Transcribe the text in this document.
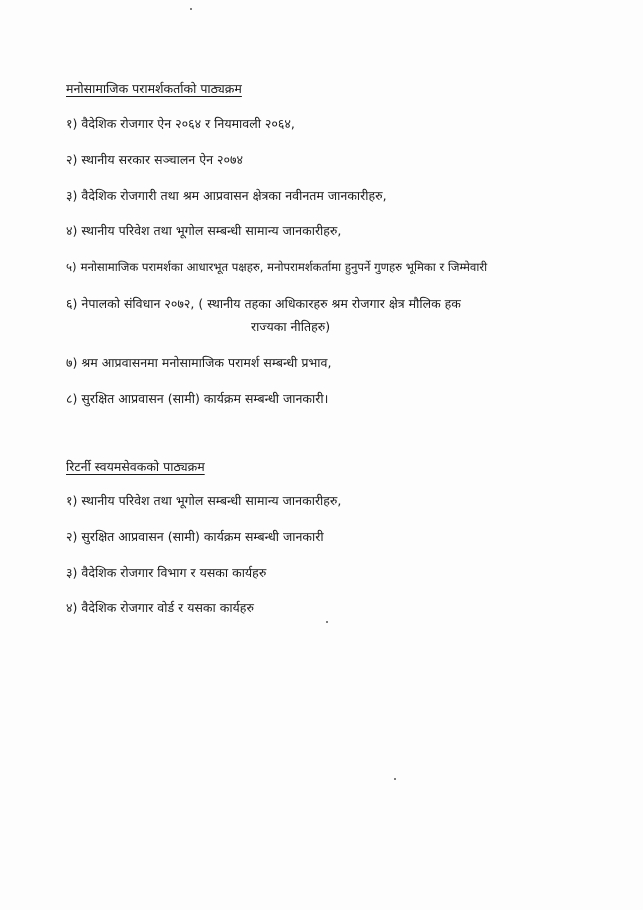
मनोसामाजिक परामर्शकर्ताको पाठ्यक्रम
१) वैदेशिक रोजगार ऐन २०६४ र नियमावली २०६४,
२) स्थानीय सरकार सञ्चालन ऐन २०७४
३) वैदेशिक रोजगारी तथा श्रम आप्रवासन क्षेत्रका नवीनतम जानकारीहरु,
४) स्थानीय परिवेश तथा भूगोल सम्बन्धी सामान्य जानकारीहरु,
५) मनोसामाजिक परामर्शका आधारभूत पक्षहरु, मनोपरामर्शकर्तामा हुनुपर्ने गुणहरु भूमिका र जिम्मेवारी
६) नेपालको संविधान २०७२, ( स्थानीय तहका अधिकारहरु श्रम रोजगार क्षेत्र मौलिक हक
राज्यका नीतिहरु)
७) श्रम आप्रवासनमा मनोसामाजिक परामर्श सम्बन्धी प्रभाव,
८) सुरक्षित आप्रवासन (सामी) कार्यक्रम सम्बन्धी जानकारी।
रिटर्नी स्वयमसेवकको पाठ्यक्रम
१) स्थानीय परिवेश तथा भूगोल सम्बन्धी सामान्य जानकारीहरु,
२) सुरक्षित आप्रवासन (सामी) कार्यक्रम सम्बन्धी जानकारी
३) वैदेशिक रोजगार विभाग र यसका कार्यहरु
४) वैदेशिक रोजगार वोर्ड र यसका कार्यहरु
